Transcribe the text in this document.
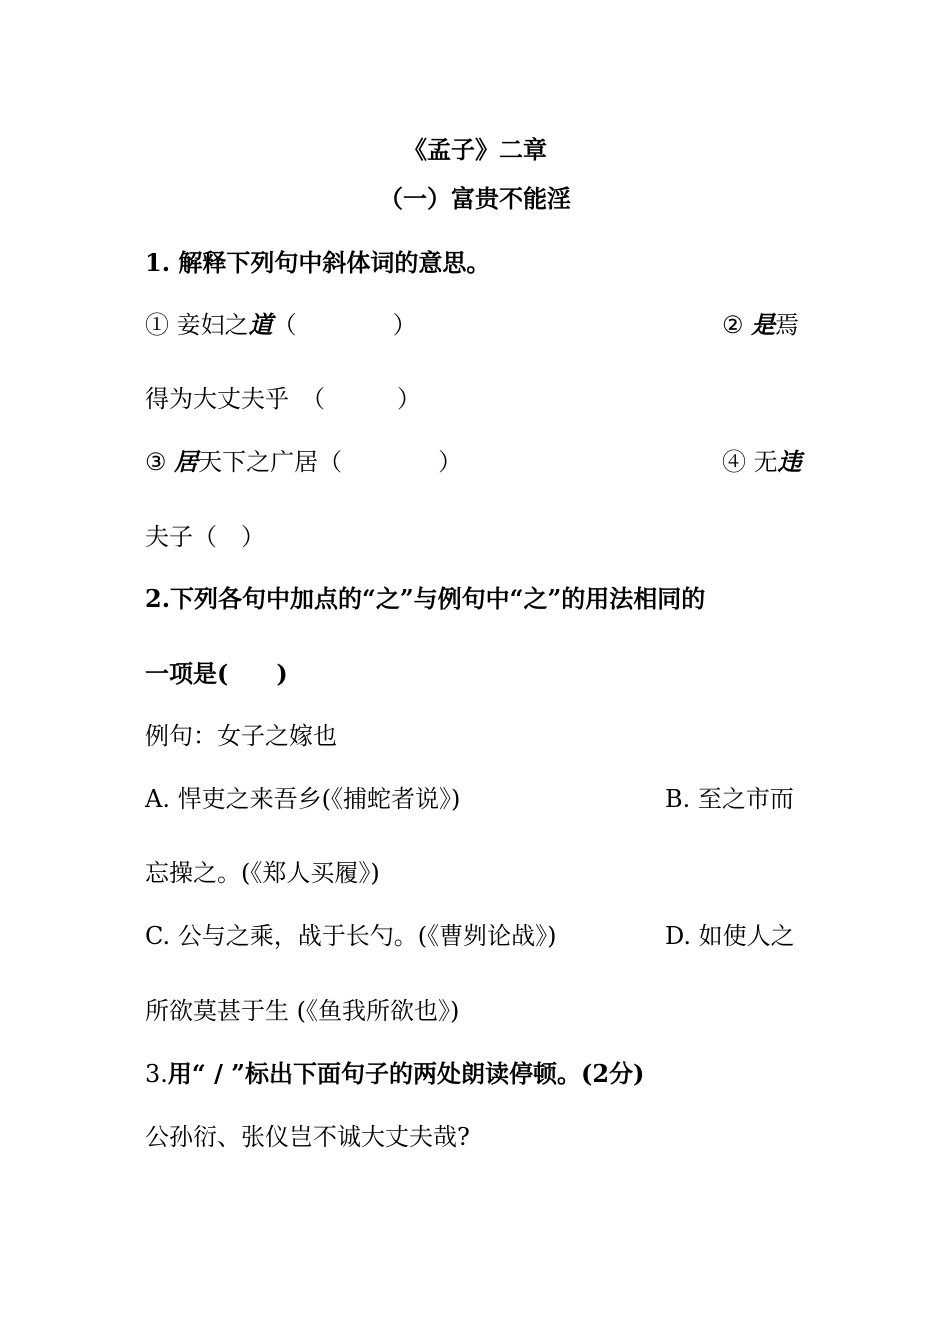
《孟子》二章
（一）富贵不能淫
1. 解释下列句中斜体词的意思。
① 妾妇之道（　　　　）	② 是焉
得为大丈夫乎　（　　　）
③ 居天下之广居（　　　　）	④ 无违
夫子（　）
2.下列各句中加点的“之”与例句中“之”的用法相同的
一项是(　　)
例句：女子之嫁也
A. 悍吏之来吾乡(《捕蛇者说》)	B. 至之市而
忘操之。(《郑人买履》)
C. 公与之乘，战于长勺。(《曹刿论战》)	D. 如使人之
所欲莫甚于生 (《鱼我所欲也》)
3.用“ / ”标出下面句子的两处朗读停顿。(2分)
公孙衍、张仪岂不诚大丈夫哉?
